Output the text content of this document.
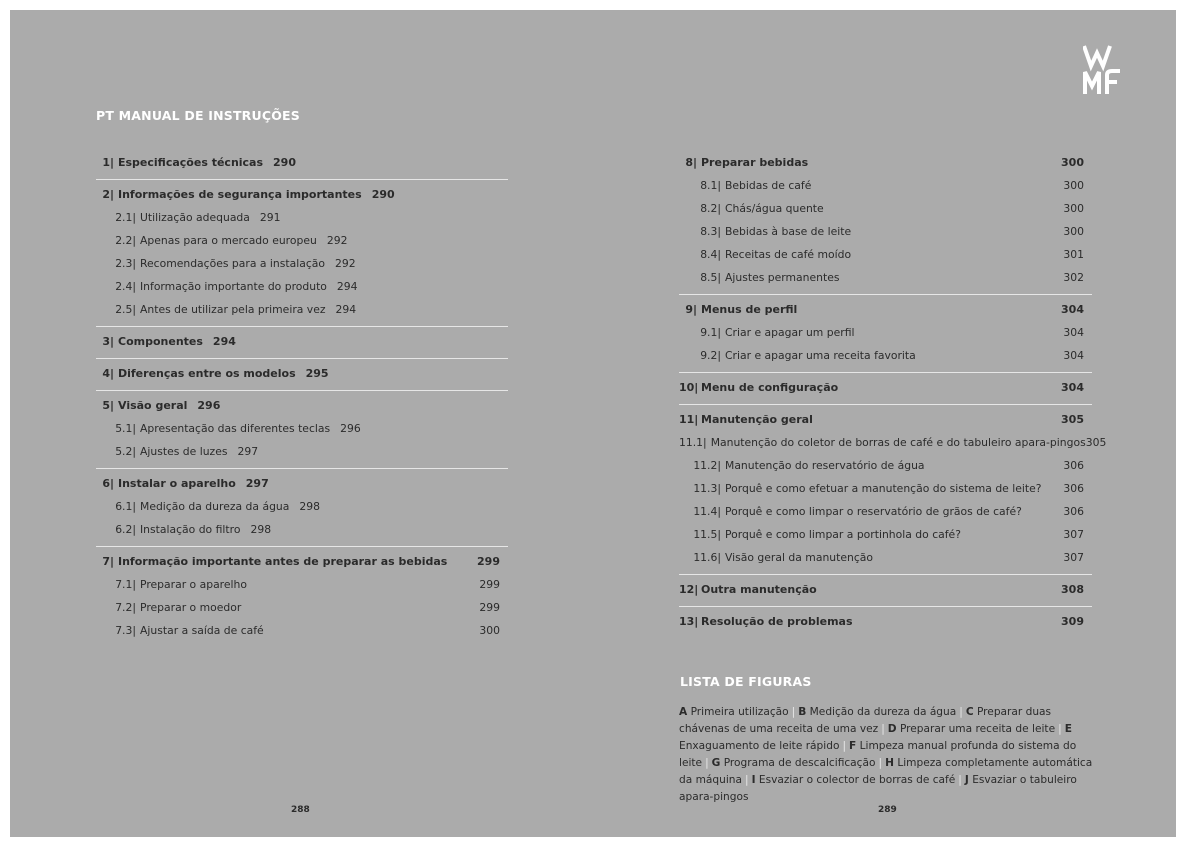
PT MANUAL DE INSTRUÇÕES
1| Especificações técnicas 290
2| Informações de segurança importantes 290
2.1| Utilização adequada 291
2.2| Apenas para o mercado europeu 292
2.3| Recomendações para a instalação 292
2.4| Informação importante do produto 294
2.5| Antes de utilizar pela primeira vez 294
3| Componentes 294
4| Diferenças entre os modelos 295
5| Visão geral 296
5.1| Apresentação das diferentes teclas 296
5.2| Ajustes de luzes 297
6| Instalar o aparelho 297
6.1| Medição da dureza da água 298
6.2| Instalação do filtro 298
7| Informação importante antes de preparar as bebidas	299
7.1| Preparar o aparelho	299
7.2| Preparar o moedor	299
7.3| Ajustar a saída de café	300
8| Preparar bebidas	300
8.1| Bebidas de café	300
8.2| Chás/água quente	300
8.3| Bebidas à base de leite	300
8.4| Receitas de café moído	301
8.5| Ajustes permanentes	302
9| Menus de perfil	304
9.1| Criar e apagar um perfil	304
9.2| Criar e apagar uma receita favorita	304
10| Menu de configuração	304
11| Manutenção geral	305
11.1| Manutenção do coletor de borras de café e do tabuleiro apara-pingos 305
11.2| Manutenção do reservatório de água	306
11.3| Porquê e como efetuar a manutenção do sistema de leite? 306
11.4| Porquê e como limpar o reservatório de grãos de café?	306
11.5| Porquê e como limpar a portinhola do café?	307
11.6| Visão geral da manutenção	307
12| Outra manutenção	308
13| Resolução de problemas	309
LISTA DE FIGURAS
A Primeira utilização | B Medição da dureza da água | C Preparar duas chávenas de uma receita de uma vez | D Preparar uma receita de leite | E Enxaguamento de leite rápido | F Limpeza manual profunda do sistema do leite | G Programa de descalcificação | H Limpeza completamente automática da máquina | I Esvaziar o colector de borras de café | J Esvaziar o tabuleiro apara-pingos
288	289
